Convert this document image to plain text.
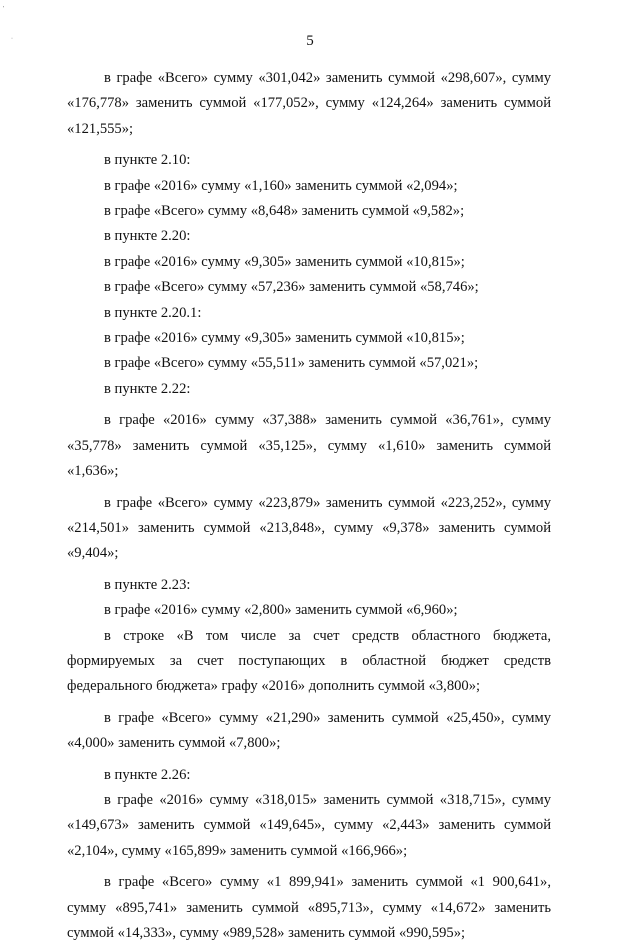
'
·	5

в графе «Всего» сумму «301,042» заменить суммой «298,607», сумму «176,778» заменить суммой «177,052», сумму «124,264» заменить суммой «121,555»;

в пункте 2.10:

в графе «2016» сумму «1,160» заменить суммой «2,094»;

в графе «Всего» сумму «8,648» заменить суммой «9,582»;

в пункте 2.20:

в графе «2016» сумму «9,305» заменить суммой «10,815»;

в графе «Всего» сумму «57,236» заменить суммой «58,746»;

в пункте 2.20.1:

в графе «2016» сумму «9,305» заменить суммой «10,815»;

в графе «Всего» сумму «55,511» заменить суммой «57,021»;

в пункте 2.22:

в графе «2016» сумму «37,388» заменить суммой «36,761», сумму «35,778» заменить суммой «35,125», сумму «1,610» заменить суммой «1,636»;

в графе «Всего» сумму «223,879» заменить суммой «223,252», сумму «214,501» заменить суммой «213,848», сумму «9,378» заменить суммой «9,404»;

в пункте 2.23:

в графе «2016» сумму «2,800» заменить суммой «6,960»;

в строке «В том числе за счет средств областного бюджета, формируемых за счет поступающих в областной бюджет средств федерального бюджета» графу «2016» дополнить суммой «3,800»;

в графе «Всего» сумму «21,290» заменить суммой «25,450», сумму «4,000» заменить суммой «7,800»;

в пункте 2.26:

в графе «2016» сумму «318,015» заменить суммой «318,715», сумму «149,673» заменить суммой «149,645», сумму «2,443» заменить суммой «2,104», сумму «165,899» заменить суммой «166,966»;

в графе «Всего» сумму «1 899,941» заменить суммой «1 900,641», сумму «895,741» заменить суммой «895,713», сумму «14,672» заменить суммой «14,333», сумму «989,528» заменить суммой «990,595»;
